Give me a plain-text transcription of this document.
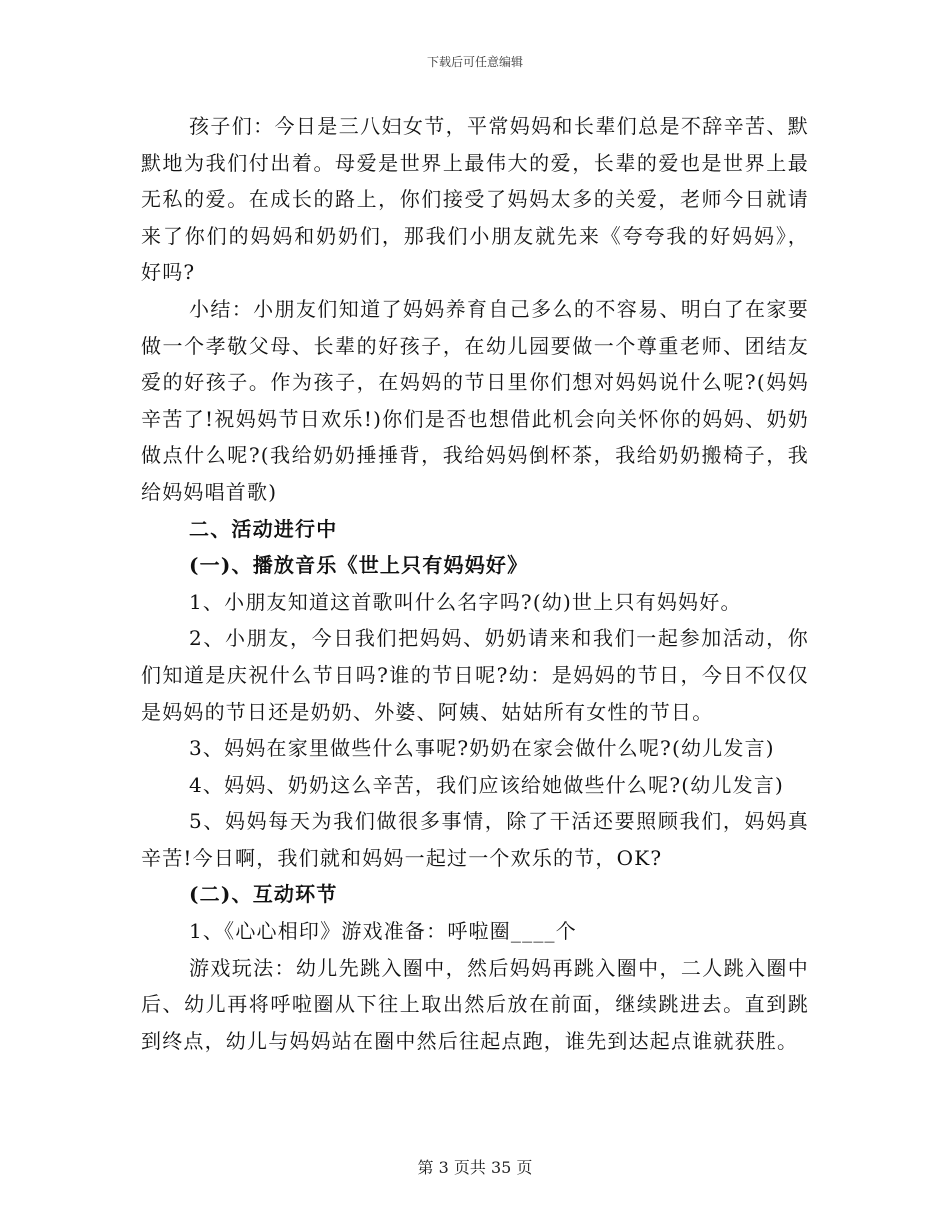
下载后可任意编辑

孩子们：今日是三八妇女节，平常妈妈和长辈们总是不辞辛苦、默默地为我们付出着。母爱是世界上最伟大的爱，长辈的爱也是世界上最无私的爱。在成长的路上，你们接受了妈妈太多的关爱，老师今日就请来了你们的妈妈和奶奶们，那我们小朋友就先来《夸夸我的好妈妈》，好吗?

小结：小朋友们知道了妈妈养育自己多么的不容易、明白了在家要做一个孝敬父母、长辈的好孩子，在幼儿园要做一个尊重老师、团结友爱的好孩子。作为孩子，在妈妈的节日里你们想对妈妈说什么呢?(妈妈辛苦了!祝妈妈节日欢乐!)你们是否也想借此机会向关怀你的妈妈、奶奶做点什么呢?(我给奶奶捶捶背，我给妈妈倒杯茶，我给奶奶搬椅子，我给妈妈唱首歌)

二、活动进行中

(一)、播放音乐《世上只有妈妈好》

1、小朋友知道这首歌叫什么名字吗?(幼)世上只有妈妈好。

2、小朋友，今日我们把妈妈、奶奶请来和我们一起参加活动，你们知道是庆祝什么节日吗?谁的节日呢?幼：是妈妈的节日，今日不仅仅是妈妈的节日还是奶奶、外婆、阿姨、姑姑所有女性的节日。

3、妈妈在家里做些什么事呢?奶奶在家会做什么呢?(幼儿发言)

4、妈妈、奶奶这么辛苦，我们应该给她做些什么呢?(幼儿发言)

5、妈妈每天为我们做很多事情，除了干活还要照顾我们，妈妈真辛苦!今日啊，我们就和妈妈一起过一个欢乐的节，OK?

(二)、互动环节

1、《心心相印》游戏准备：呼啦圈____个

游戏玩法：幼儿先跳入圈中，然后妈妈再跳入圈中，二人跳入圈中后、幼儿再将呼啦圈从下往上取出然后放在前面，继续跳进去。直到跳到终点，幼儿与妈妈站在圈中然后往起点跑，谁先到达起点谁就获胜。

第 3 页共 35 页
